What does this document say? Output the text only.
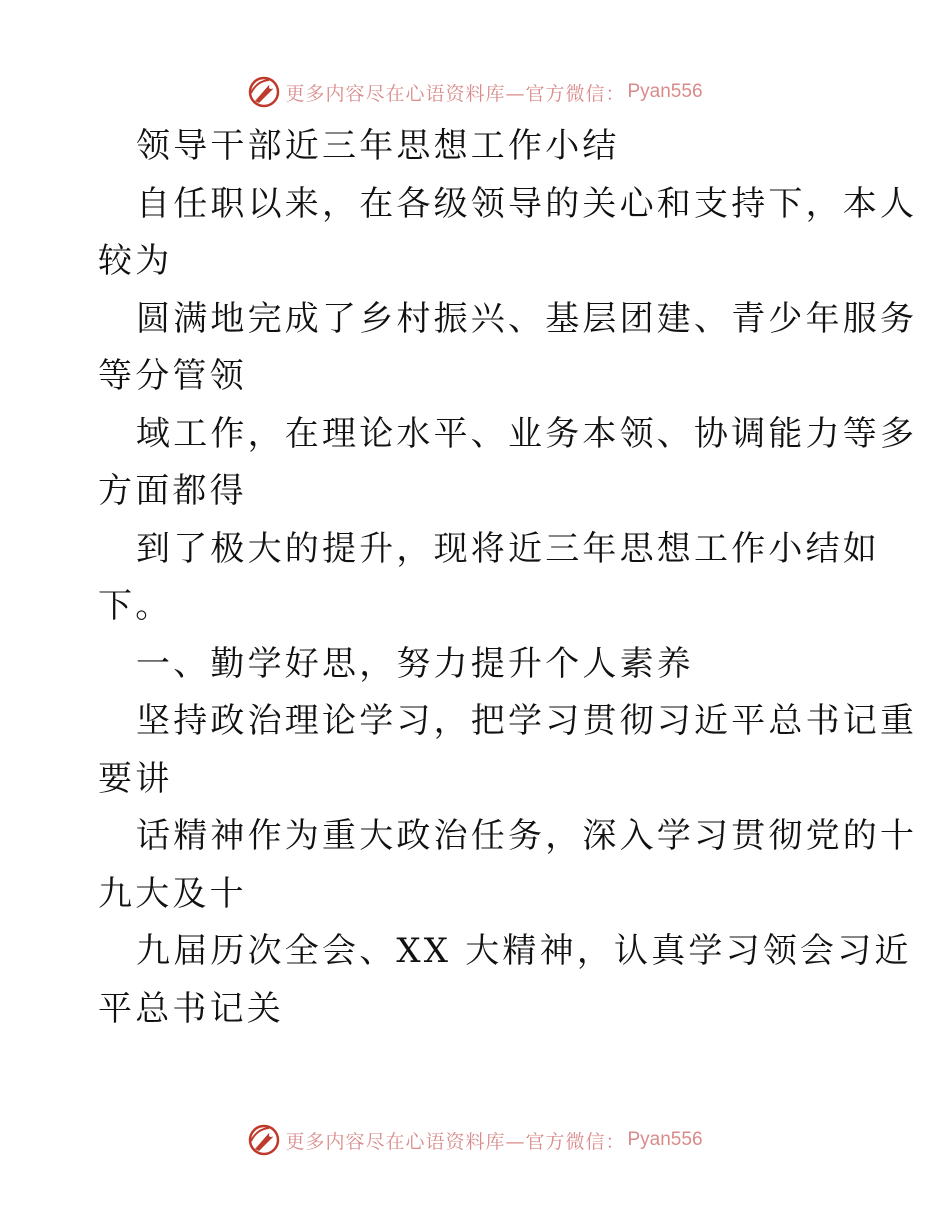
更多内容尽在心语资料库—官方微信： Pyan556
领导干部近三年思想工作小结
自任职以来，在各级领导的关心和支持下，本人
较为
圆满地完成了乡村振兴、基层团建、青少年服务
等分管领
域工作，在理论水平、业务本领、协调能力等多
方面都得
到了极大的提升，现将近三年思想工作小结如
下。
一、勤学好思，努力提升个人素养
坚持政治理论学习，把学习贯彻习近平总书记重
要讲
话精神作为重大政治任务，深入学习贯彻党的十
九大及十
九届历次全会、XX 大精神，认真学习领会习近
平总书记关
更多内容尽在心语资料库—官方微信： Pyan556
